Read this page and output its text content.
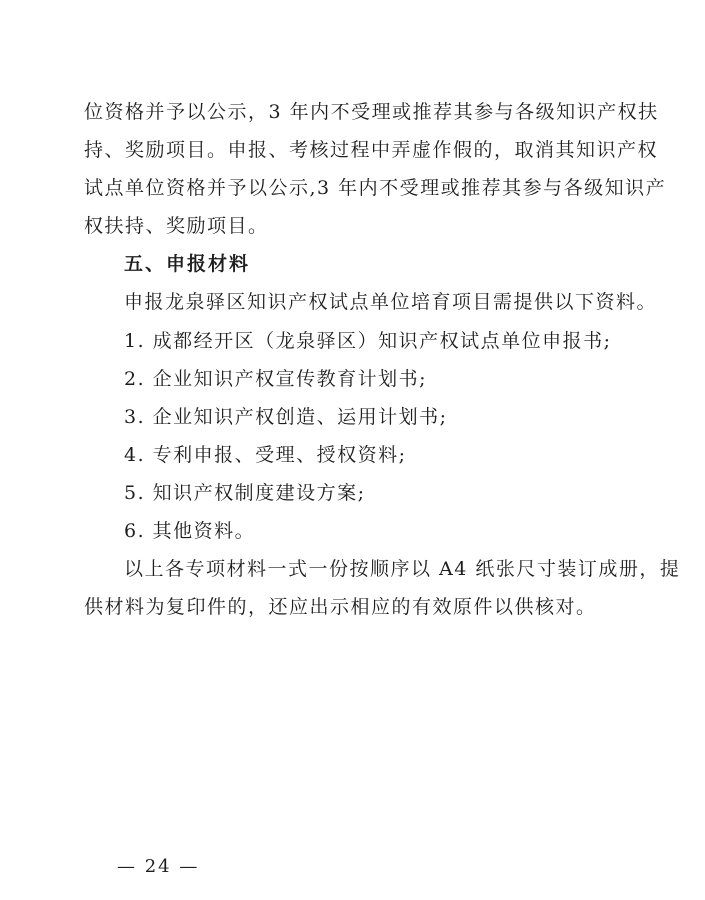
位资格并予以公示，3 年内不受理或推荐其参与各级知识产权扶

持、奖励项目。申报、考核过程中弄虚作假的，取消其知识产权

试点单位资格并予以公示,3 年内不受理或推荐其参与各级知识产

权扶持、奖励项目。

五、申报材料

申报龙泉驿区知识产权试点单位培育项目需提供以下资料。

1. 成都经开区（龙泉驿区）知识产权试点单位申报书;

2. 企业知识产权宣传教育计划书;

3. 企业知识产权创造、运用计划书;

4. 专利申报、受理、授权资料;

5. 知识产权制度建设方案;

6. 其他资料。

以上各专项材料一式一份按顺序以 A4 纸张尺寸装订成册，提

供材料为复印件的，还应出示相应的有效原件以供核对。

— 24 —
